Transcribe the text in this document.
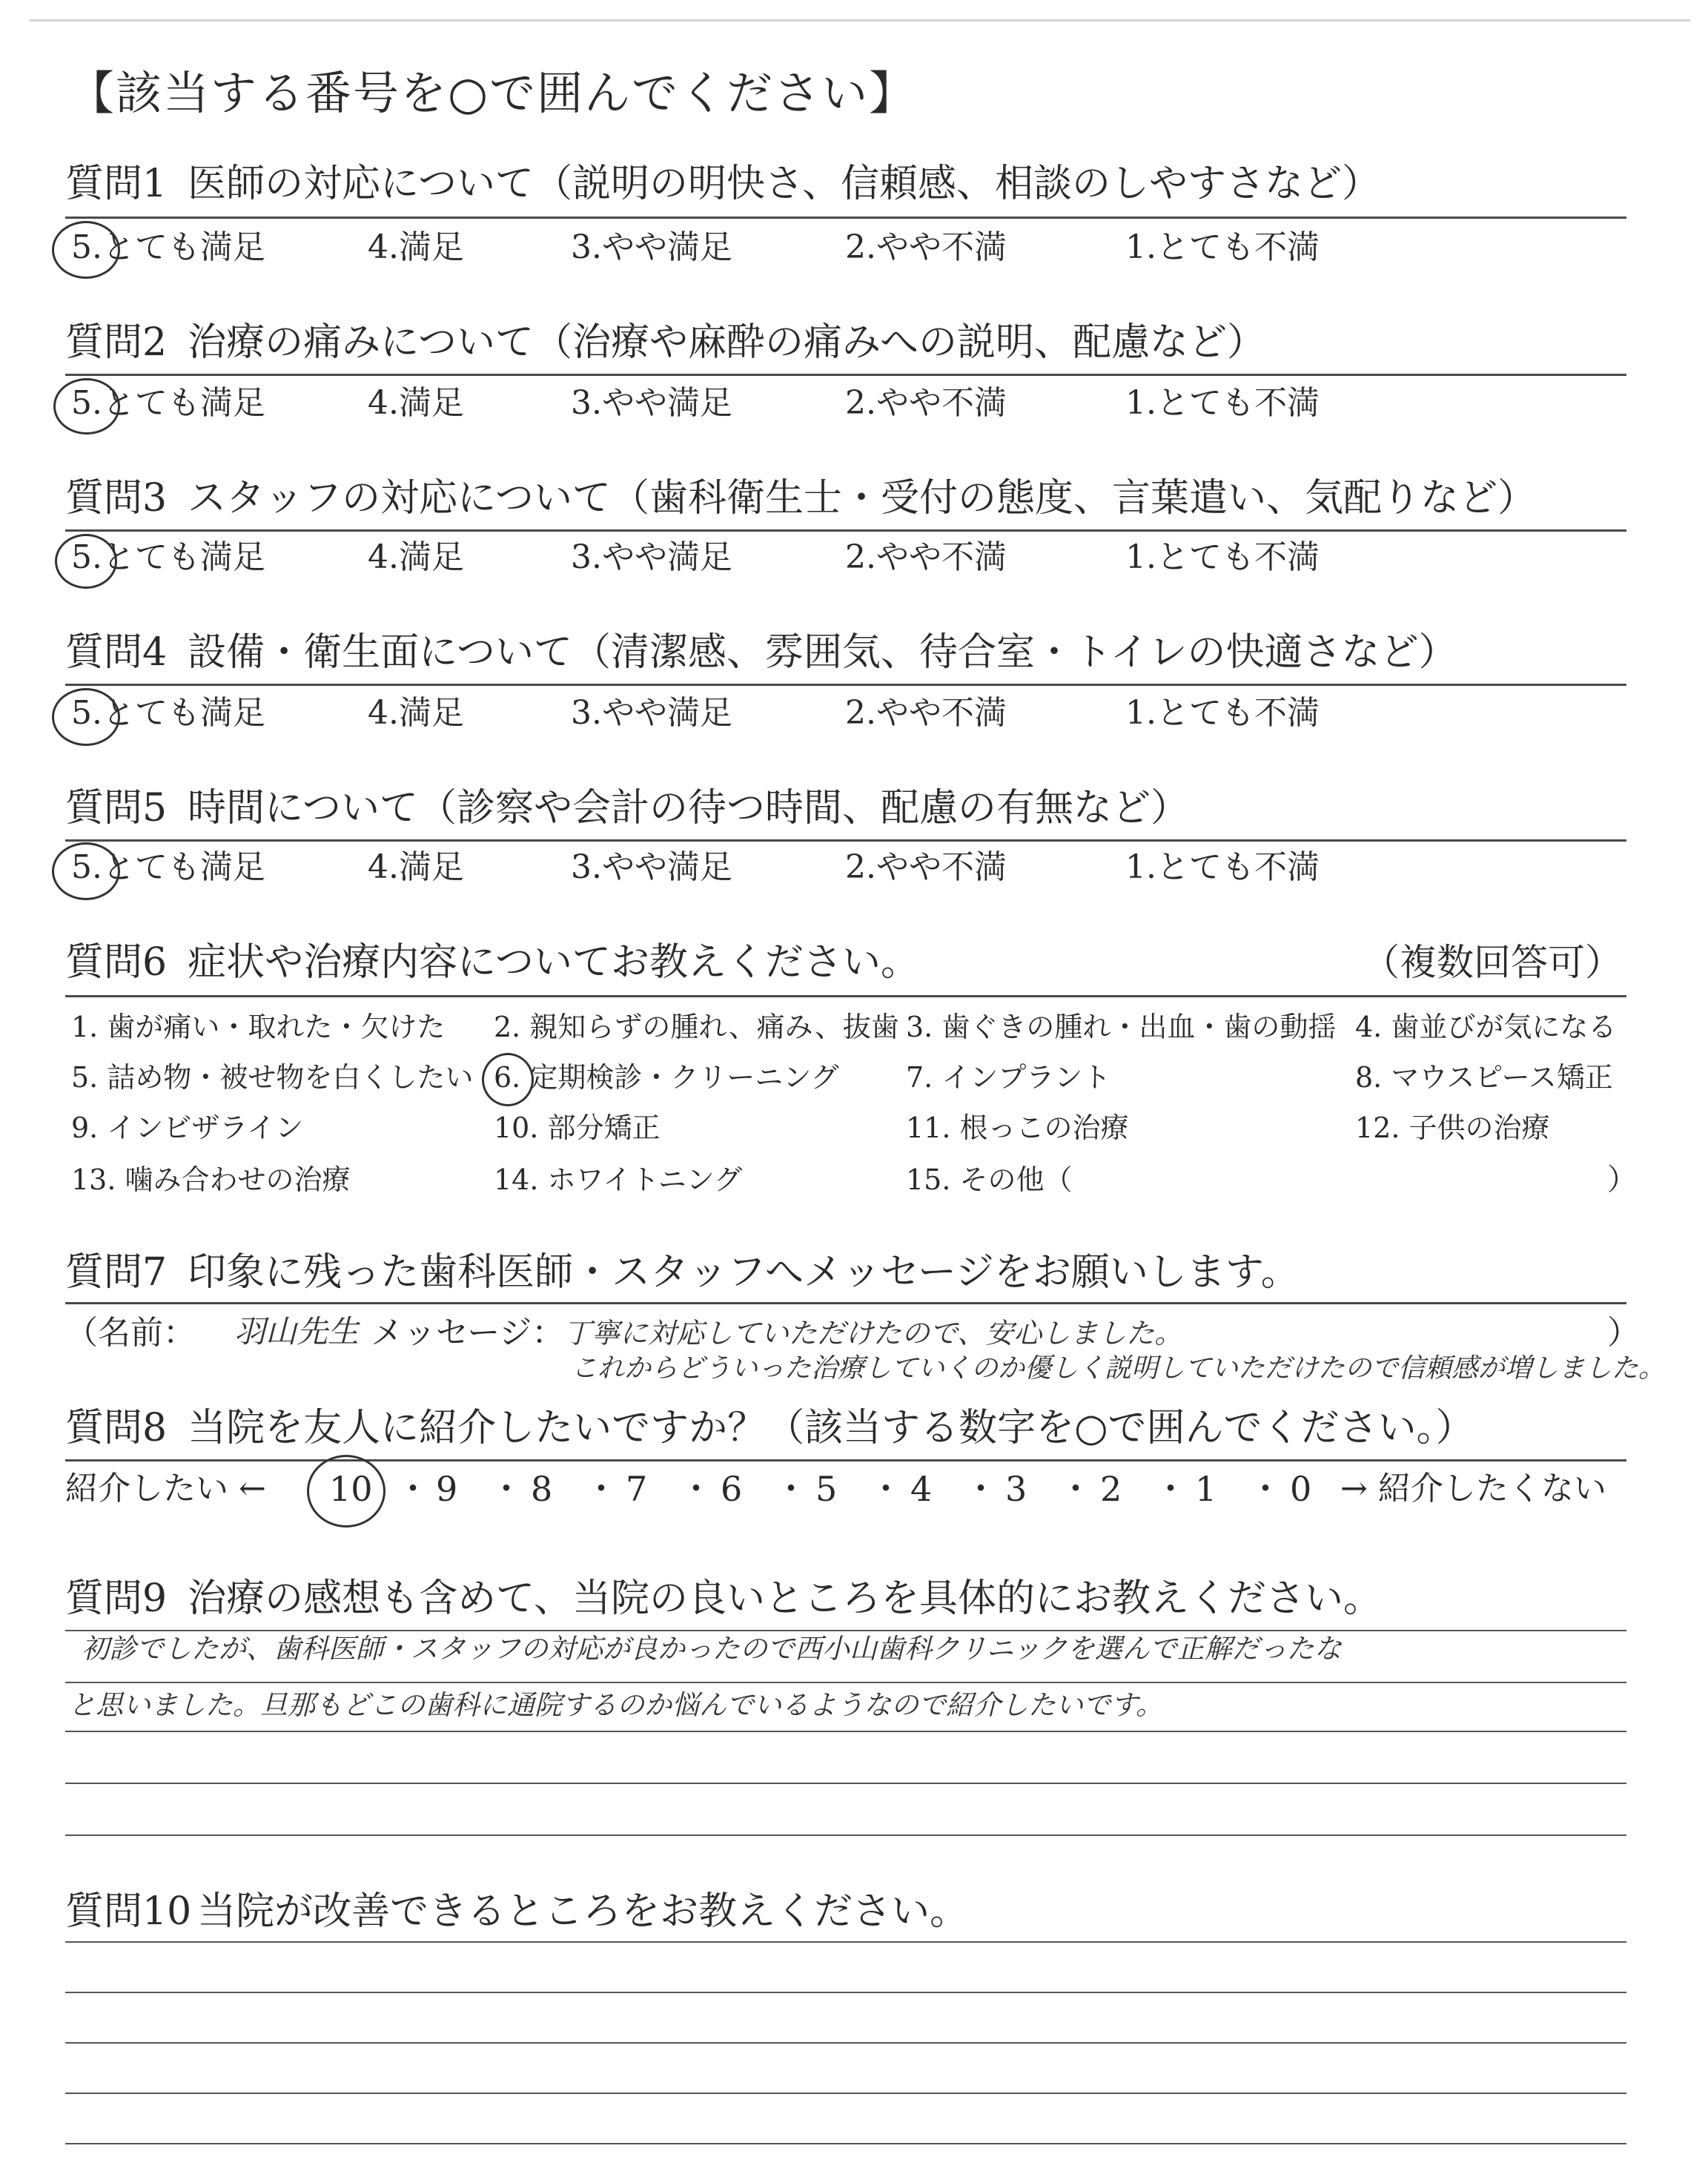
【該当する番号を○で囲んでください】
質問1 医師の対応について（説明の明快さ、信頼感、相談のしやすさなど）
5.とても満足	4.満足	3.やや満足	2.やや不満	1.とても不満
質問2 治療の痛みについて（治療や麻酔の痛みへの説明、配慮など）
5.とても満足	4.満足	3.やや満足	2.やや不満	1.とても不満
質問3 スタッフの対応について（歯科衛生士・受付の態度、言葉遣い、気配りなど）
5.とても満足	4.満足	3.やや満足	2.やや不満	1.とても不満
質問4 設備・衛生面について（清潔感、雰囲気、待合室・トイレの快適さなど）
5.とても満足	4.満足	3.やや満足	2.やや不満	1.とても不満
質問5 時間について（診察や会計の待つ時間、配慮の有無など）
5.とても満足	4.満足	3.やや満足	2.やや不満	1.とても不満
質問6 症状や治療内容についてお教えください。	（複数回答可）
1. 歯が痛い・取れた・欠けた 2. 親知らずの腫れ、痛み、抜歯 3. 歯ぐきの腫れ・出血・歯の動揺 4. 歯並びが気になる
5. 詰め物・被せ物を白くしたい 6. 定期検診・クリーニング 7. インプラント	8. マウスピース矯正
9. インビザライン	10. 部分矯正	11. 根っこの治療	12. 子供の治療
13. 噛み合わせの治療	14. ホワイトニング	15. その他（	）
質問7 印象に残った歯科医師・スタッフへメッセージをお願いします。
（名前： 羽山先生 メッセージ：
丁寧に対応していただけたので、安心しました。	）
これからどういった治療していくのか優しく説明していただけたので信頼感が増しました。
質問8 当院を友人に紹介したいですか？（該当する数字を○で囲んでください。）
紹介したい ← 10 ・ 9 ・ 8 ・ 7 ・ 6 ・ 5 ・ 4 ・ 3 ・ 2 ・ 1 ・ 0 → 紹介したくない
質問9 治療の感想も含めて、当院の良いところを具体的にお教えください。
初診でしたが、歯科医師・スタッフの対応が良かったので西小山歯科クリニックを選んで正解だったな
と思いました。旦那もどこの歯科に通院するのか悩んでいるようなので紹介したいです。
質問10 当院が改善できるところをお教えください。
